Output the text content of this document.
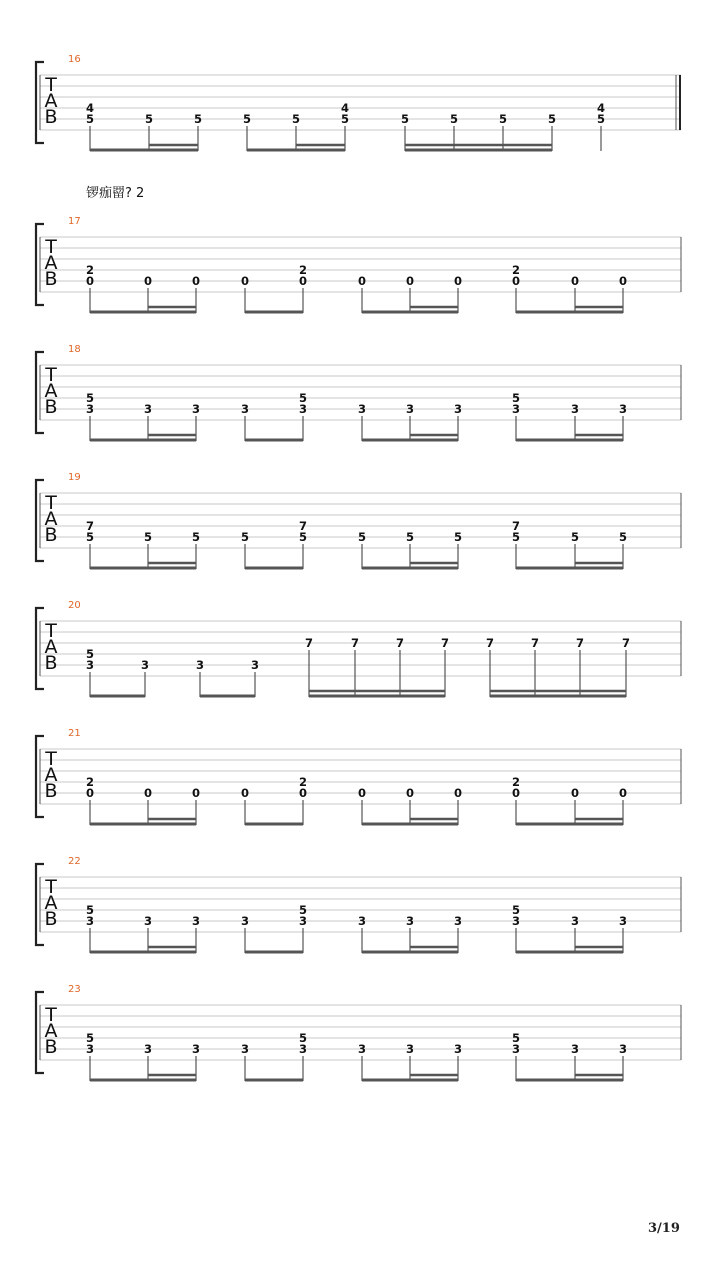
16
T
A
B 4
5	5	5	5	5
4
5	5	5	5	5
4
5
17
T
A
B 2
0	0	0	0
2
0	0	0	0
2
0	0	0
18
T
A
B 5
3	3	3	3
5
3	3	3	3
5
3	3	3
19
T
A
B 7
5	5	5	5
7
5	5	5	5
7
5	5	5
20
T
A
B 5
3	3	3	3
7	7	7	7	7	7	7	7
21
T
A
B 2
0	0	0	0
2
0	0	0	0
2
0	0	0
22
T
A
B 5
3	3	3	3
5
3	3	3	3
5
3	3	3
23
T
A
B 5
3	3	3	3
5
3	3	3	3
5
3	3	3
锣痂罶? 2
3/19
